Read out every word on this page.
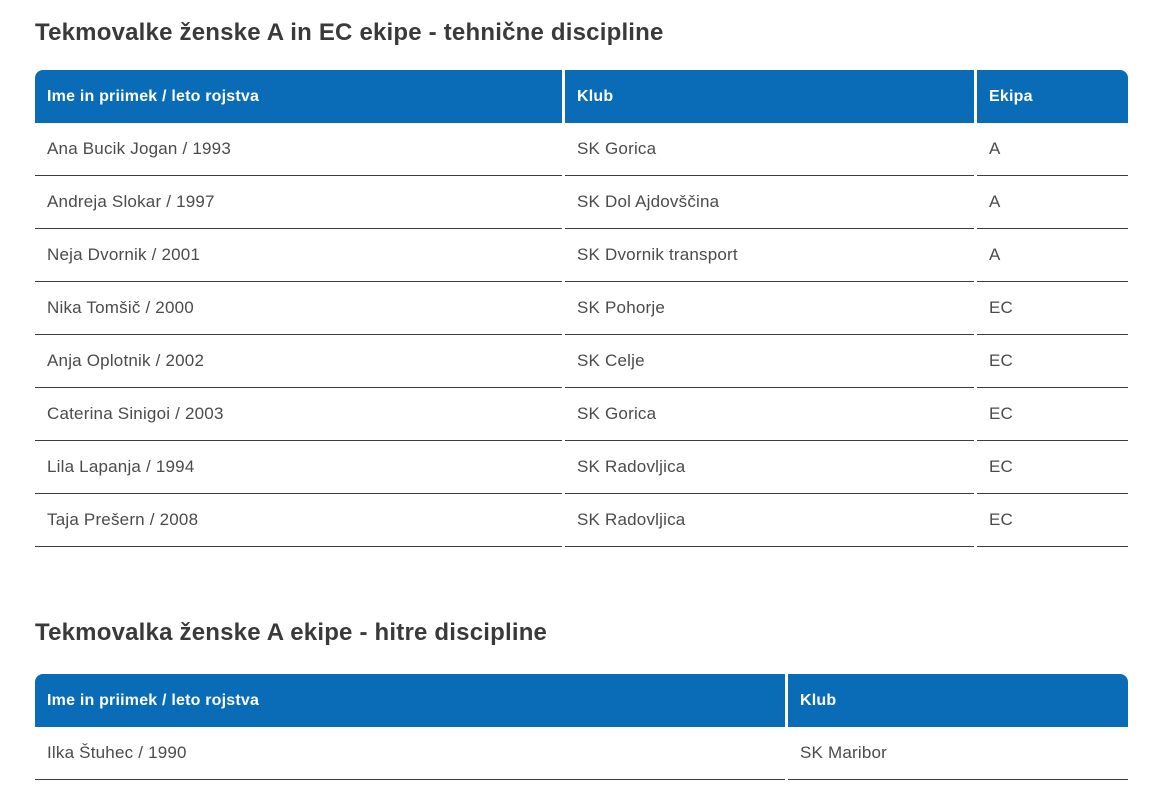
Tekmovalke ženske A in EC ekipe - tehnične discipline
Ime in priimek / leto rojstva	Klub	Ekipa
Ana Bucik Jogan / 1993	SK Gorica	A
Andreja Slokar / 1997	SK Dol Ajdovščina	A
Neja Dvornik / 2001	SK Dvornik transport	A
Nika Tomšič / 2000	SK Pohorje	EC
Anja Oplotnik / 2002	SK Celje	EC
Caterina Sinigoi / 2003	SK Gorica	EC
Lila Lapanja / 1994	SK Radovljica	EC
Taja Prešern / 2008	SK Radovljica	EC
Tekmovalka ženske A ekipe - hitre discipline
Ime in priimek / leto rojstva	Klub
Ilka Štuhec / 1990	SK Maribor
